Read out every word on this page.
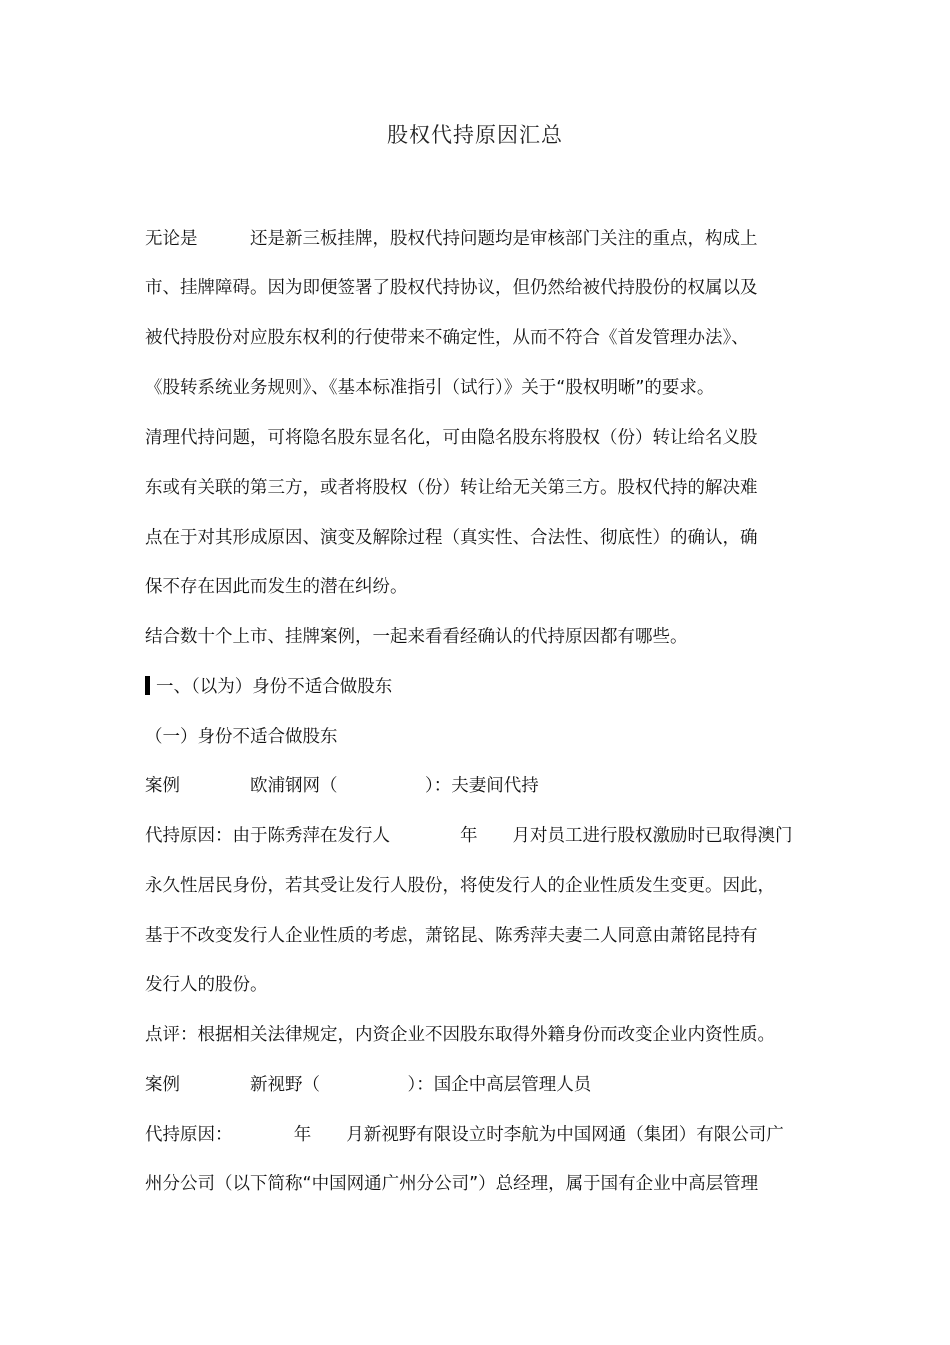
股权代持原因汇总
无论是　　　还是新三板挂牌，股权代持问题均是审核部门关注的重点，构成上
市、挂牌障碍。因为即便签署了股权代持协议，但仍然给被代持股份的权属以及
被代持股份对应股东权利的行使带来不确定性，从而不符合《首发管理办法》、
《股转系统业务规则》、《基本标准指引（试行）》关于“股权明晰”的要求。
清理代持问题，可将隐名股东显名化，可由隐名股东将股权（份）转让给名义股
东或有关联的第三方，或者将股权（份）转让给无关第三方。股权代持的解决难
点在于对其形成原因、演变及解除过程（真实性、合法性、彻底性）的确认，确
保不存在因此而发生的潜在纠纷。
结合数十个上市、挂牌案例，一起来看看经确认的代持原因都有哪些。
一、（以为）身份不适合做股东
（一）身份不适合做股东
案例　　　　欧浦钢网（　　　　　）：夫妻间代持
代持原因：由于陈秀萍在发行人　　　　年　　月对员工进行股权激励时已取得澳门
永久性居民身份，若其受让发行人股份，将使发行人的企业性质发生变更。因此，
基于不改变发行人企业性质的考虑，萧铭昆、陈秀萍夫妻二人同意由萧铭昆持有
发行人的股份。
点评：根据相关法律规定，内资企业不因股东取得外籍身份而改变企业内资性质。
案例　　　　新视野（　　　　　）：国企中高层管理人员
代持原因：　　　　年　　月新视野有限设立时李航为中国网通（集团）有限公司广
州分公司（以下简称“中国网通广州分公司”）总经理，属于国有企业中高层管理
